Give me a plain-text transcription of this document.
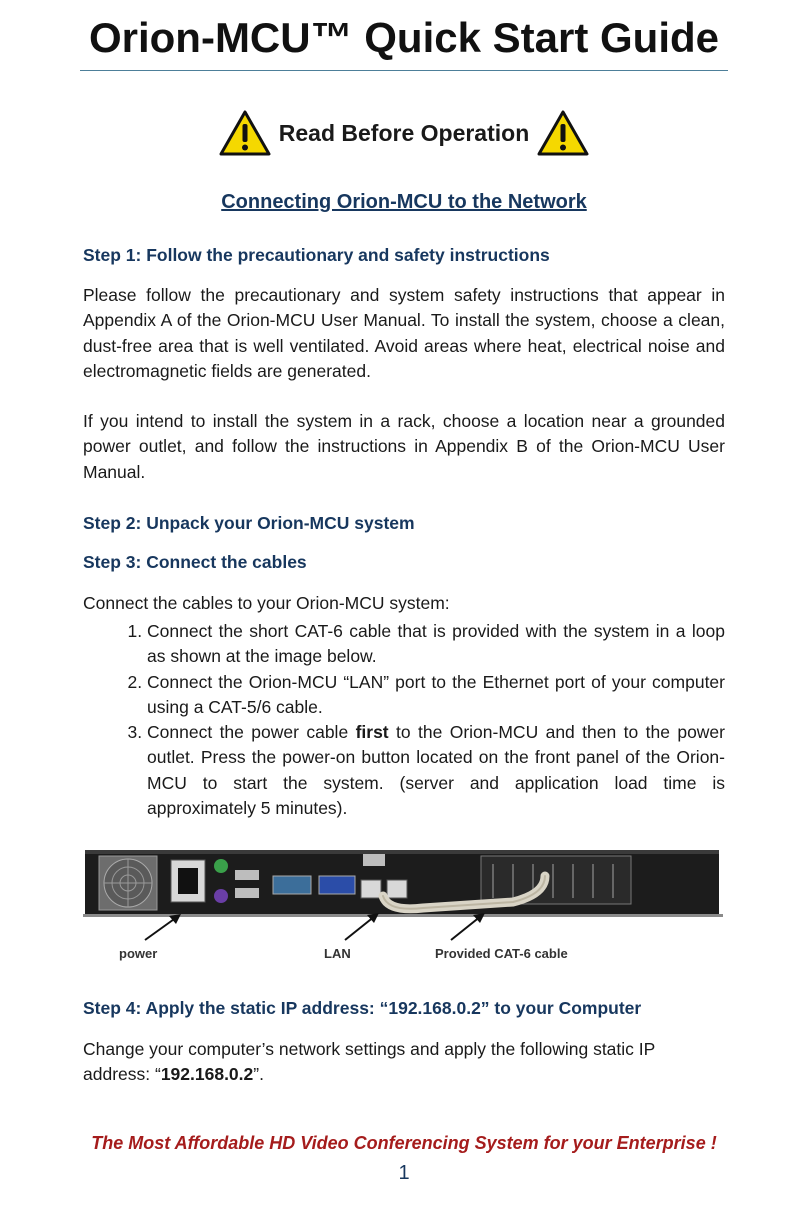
Orion-MCU™ Quick Start Guide
Read Before Operation
Connecting Orion-MCU to the Network
Step 1: Follow the precautionary and safety instructions
Please follow the precautionary and system safety instructions that appear in Appendix A of the Orion-MCU User Manual. To install the system, choose a clean, dust-free area that is well ventilated. Avoid areas where heat, electrical noise and electromagnetic fields are generated.
If you intend to install the system in a rack, choose a location near a grounded power outlet, and follow the instructions in Appendix B of the Orion-MCU User Manual.
Step 2: Unpack your Orion-MCU system
Step 3: Connect the cables
Connect the cables to your Orion-MCU system:
1. Connect the short CAT-6 cable that is provided with the system in a loop as shown at the image below.
2. Connect the Orion-MCU “LAN” port to the Ethernet port of your computer using a CAT-5/6 cable.
3. Connect the power cable first to the Orion-MCU and then to the power outlet. Press the power-on button located on the front panel of the Orion-MCU to start the system. (server and application load time is approximately 5 minutes).
power	LAN	Provided CAT-6 cable
Step 4: Apply the static IP address: “192.168.0.2” to your Computer
Change your computer’s network settings and apply the following static IP address: “192.168.0.2”.
The Most Affordable HD Video Conferencing System for your Enterprise !
1
